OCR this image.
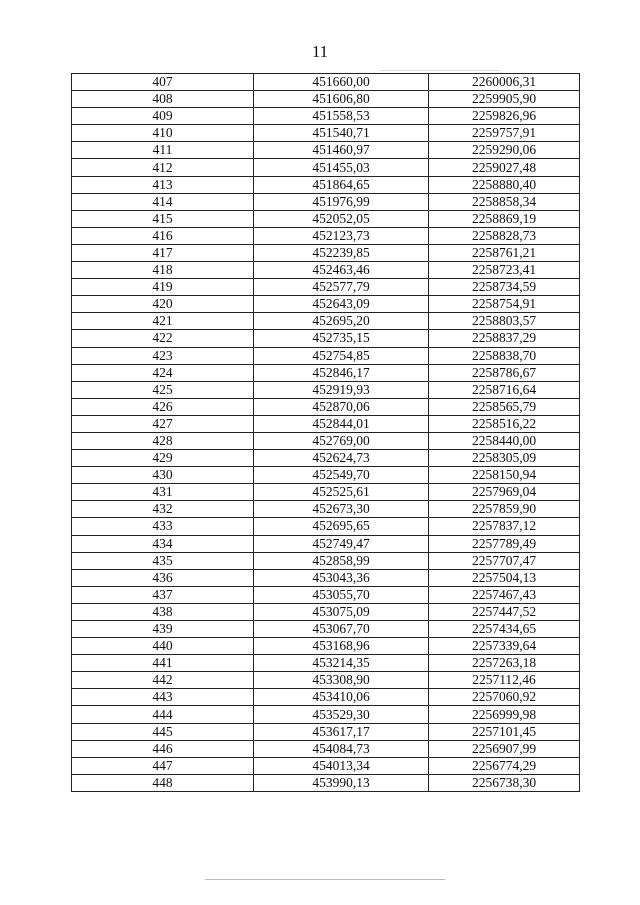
11
407	451660,00	2260006,31
408	451606,80	2259905,90
409	451558,53	2259826,96
410	451540,71	2259757,91
411	451460,97	2259290,06
412	451455,03	2259027,48
413	451864,65	2258880,40
414	451976,99	2258858,34
415	452052,05	2258869,19
416	452123,73	2258828,73
417	452239,85	2258761,21
418	452463,46	2258723,41
419	452577,79	2258734,59
420	452643,09	2258754,91
421	452695,20	2258803,57
422	452735,15	2258837,29
423	452754,85	2258838,70
424	452846,17	2258786,67
425	452919,93	2258716,64
426	452870,06	2258565,79
427	452844,01	2258516,22
428	452769,00	2258440,00
429	452624,73	2258305,09
430	452549,70	2258150,94
431	452525,61	2257969,04
432	452673,30	2257859,90
433	452695,65	2257837,12
434	452749,47	2257789,49
435	452858,99	2257707,47
436	453043,36	2257504,13
437	453055,70	2257467,43
438	453075,09	2257447,52
439	453067,70	2257434,65
440	453168,96	2257339,64
441	453214,35	2257263,18
442	453308,90	2257112,46
443	453410,06	2257060,92
444	453529,30	2256999,98
445	453617,17	2257101,45
446	454084,73	2256907,99
447	454013,34	2256774,29
448	453990,13	2256738,30
